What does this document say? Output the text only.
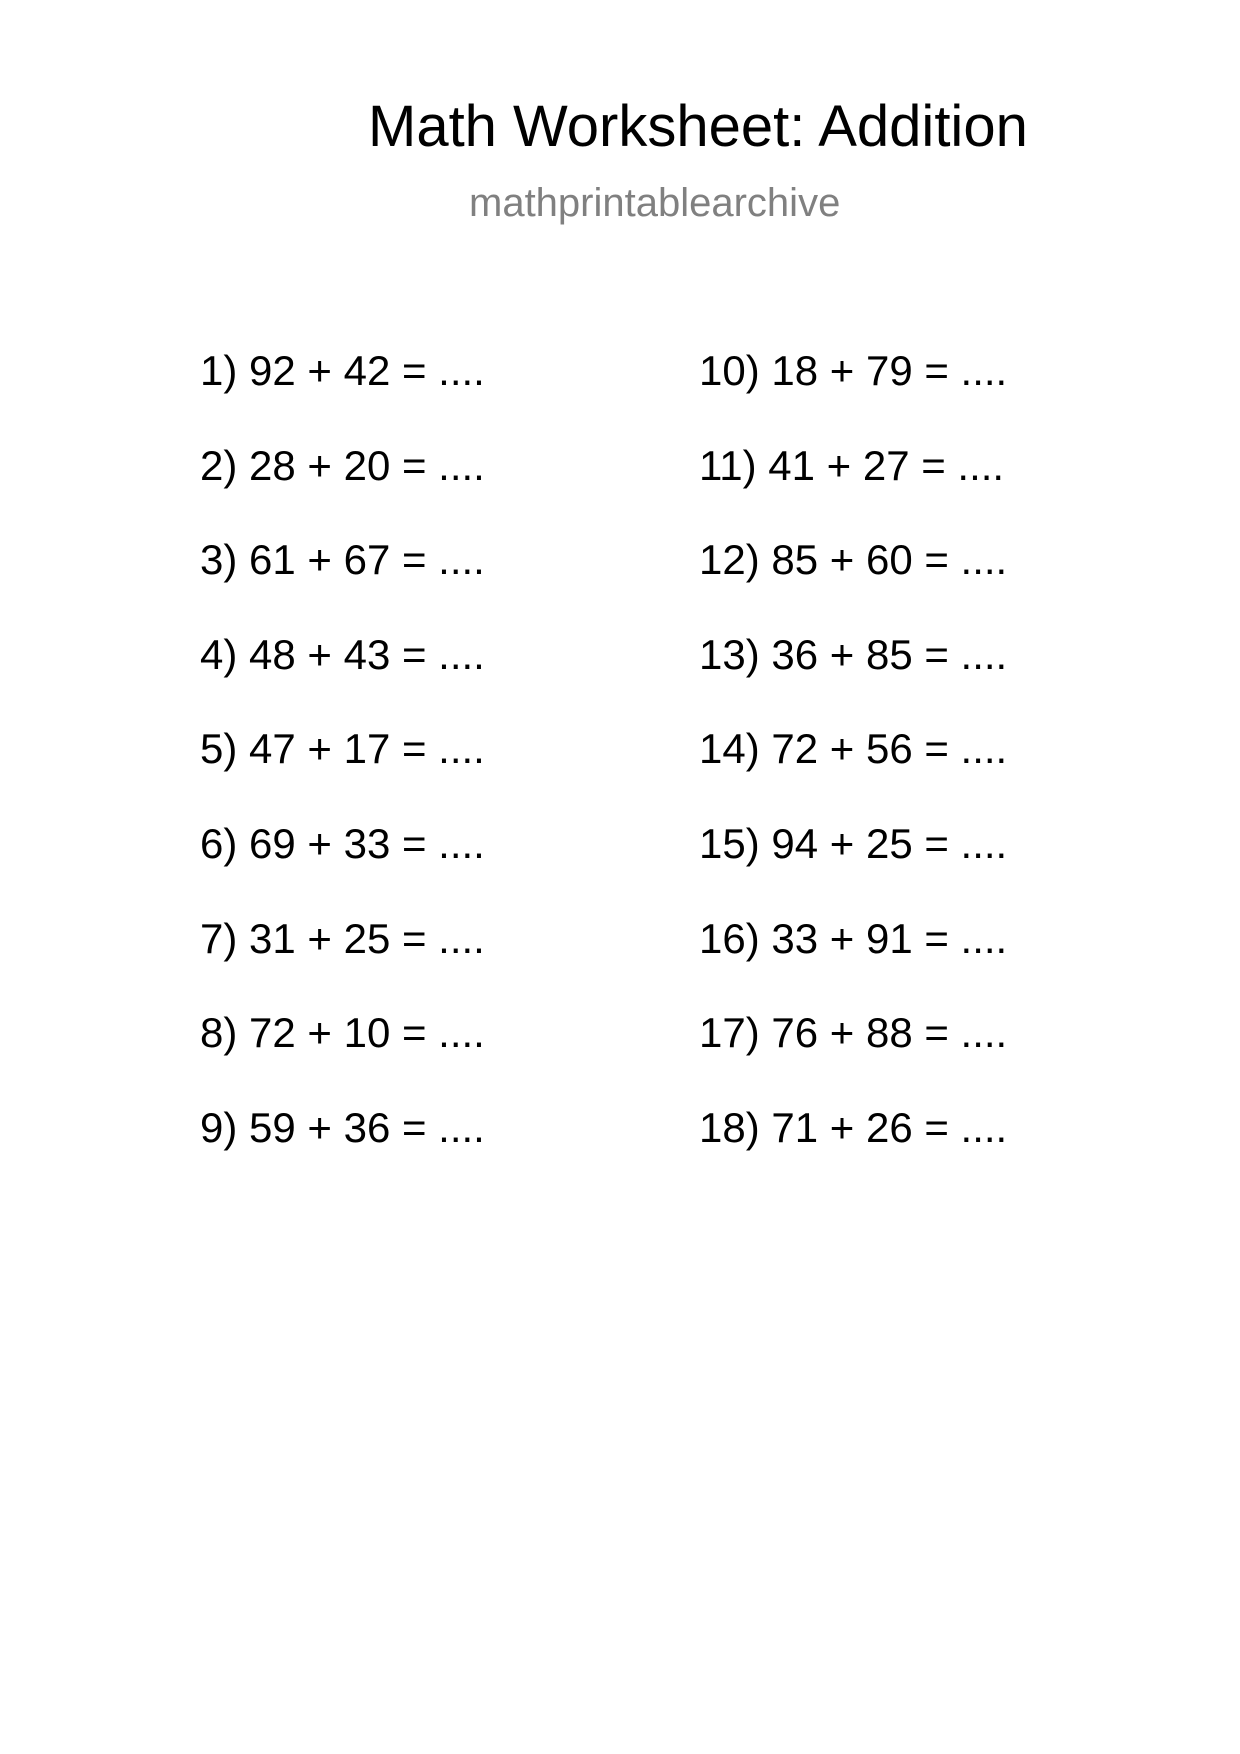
Math Worksheet: Addition
mathprintablearchive
1) 92 + 42 = ....
2) 28 + 20 = ....
3) 61 + 67 = ....
4) 48 + 43 = ....
5) 47 + 17 = ....
6) 69 + 33 = ....
7) 31 + 25 = ....
8) 72 + 10 = ....
9) 59 + 36 = ....
10) 18 + 79 = ....
11) 41 + 27 = ....
12) 85 + 60 = ....
13) 36 + 85 = ....
14) 72 + 56 = ....
15) 94 + 25 = ....
16) 33 + 91 = ....
17) 76 + 88 = ....
18) 71 + 26 = ....
